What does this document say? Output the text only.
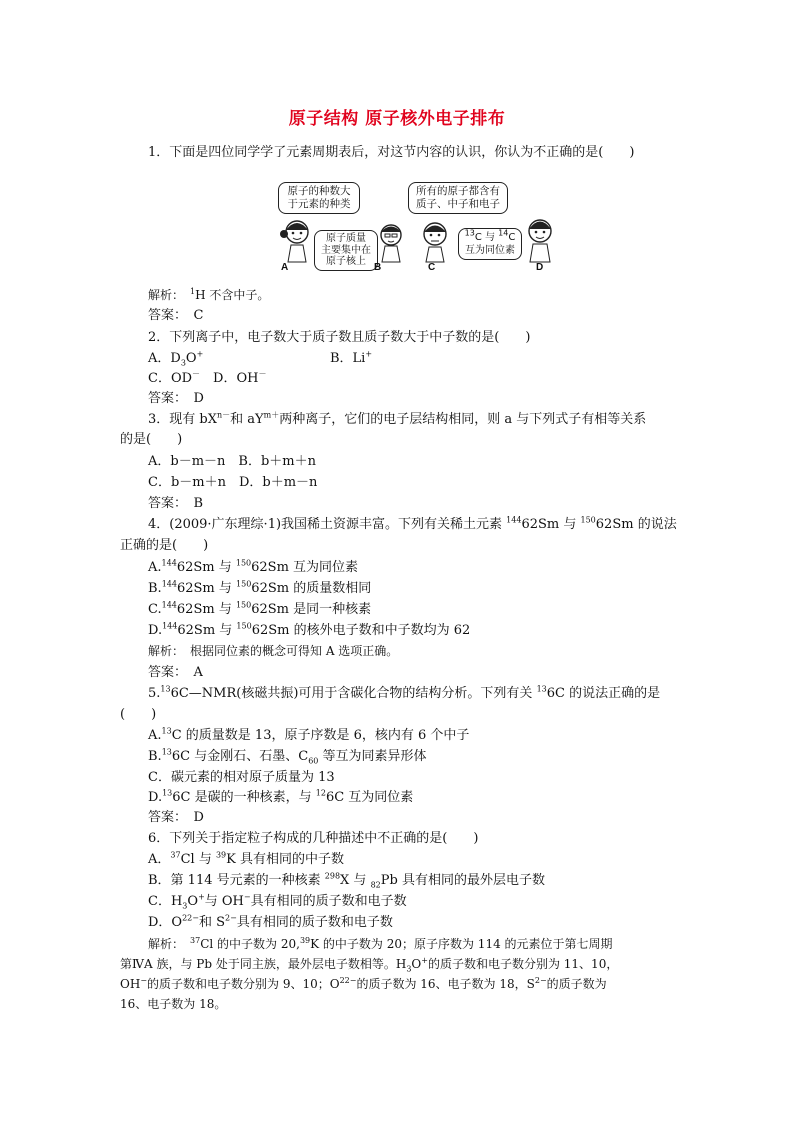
原子结构 原子核外电子排布
1．下面是四位同学学了元素周期表后，对这节内容的认识，你认为不正确的是(　　)
原子的种数大
于元素的种类
A
原子质量
主要集中在
原子核上
B
所有的原子都含有
质子、中子和电子
C
$^{13}$C 与 $^{14}$C
互为同位素
D
解析：　 $^1$H 不含中子。
答案：　C
2．下列离子中，电子数大于质子数且质子数大于中子数的是(　　)
A．$D_3O^+$	B．Li+
C．OD－　D．OH－
答案：　D
3．现有 $bX^{n-}$和 $aY^{m+}$两种离子，它们的电子层结构相同，则 a 与下列式子有相等关系
的是(　　)
A．b－m－n　B．b＋m＋n
C．b－m＋n　D．b＋m－n
答案：　B
4．(2009·广东理综·1)我国稀土资源丰富。下列有关稀土元素 $^{144}$62Sm 与 $^{150}$62Sm 的说法
正确的是(　　)
A.$^{144}$62Sm 与 $^{150}$62Sm 互为同位素
B.$^{144}$62Sm 与 $^{150}$62Sm 的质量数相同
C.$^{144}$62Sm 与 $^{150}$62Sm 是同一种核素
D.$^{144}$62Sm 与 $^{150}$62Sm 的核外电子数和中子数均为 62
解析：　根据同位素的概念可得知 A 选项正确。
答案：　A
5.136C—NMR(核磁共振)可用于含碳化合物的结构分析。下列有关 $^{13}$6C 的说法正确的是
(　　)
A.$^{13}$C 的质量数是 13，原子序数是 6，核内有 6 个中子
B.$^{13}$6C 与金刚石、石墨、$C_{60}$ 等互为同素异形体
C．碳元素的相对原子质量为 13
D.$^{13}$6C 是碳的一种核素，与 $^{12}$6C 互为同位素
答案：　D
6．下列关于指定粒子构成的几种描述中不正确的是(　　)
A．$^{37}$Cl 与 $^{39}$K 具有相同的中子数
B．第 114 号元素的一种核素 $^{298}$X 与 $_{82}$Pb 具有相同的最外层电子数
C．$H_3O^+$与 OH−具有相同的质子数和电子数
D．$O^{22-}$和 $S^{2-}$具有相同的质子数和电子数
解析：　$^{37}$Cl 的中子数为 20,39K 的中子数为 20；原子序数为 114 的元素位于第七周期
第ⅣA 族，与 Pb 处于同主族，最外层电子数相等。$H_3O^+$的质子数和电子数分别为 11、10，
OH−的质子数和电子数分别为 9、10；$O^{22-}$的质子数为 16、电子数为 18，$S^{2-}$的质子数为
16、电子数为 18。
